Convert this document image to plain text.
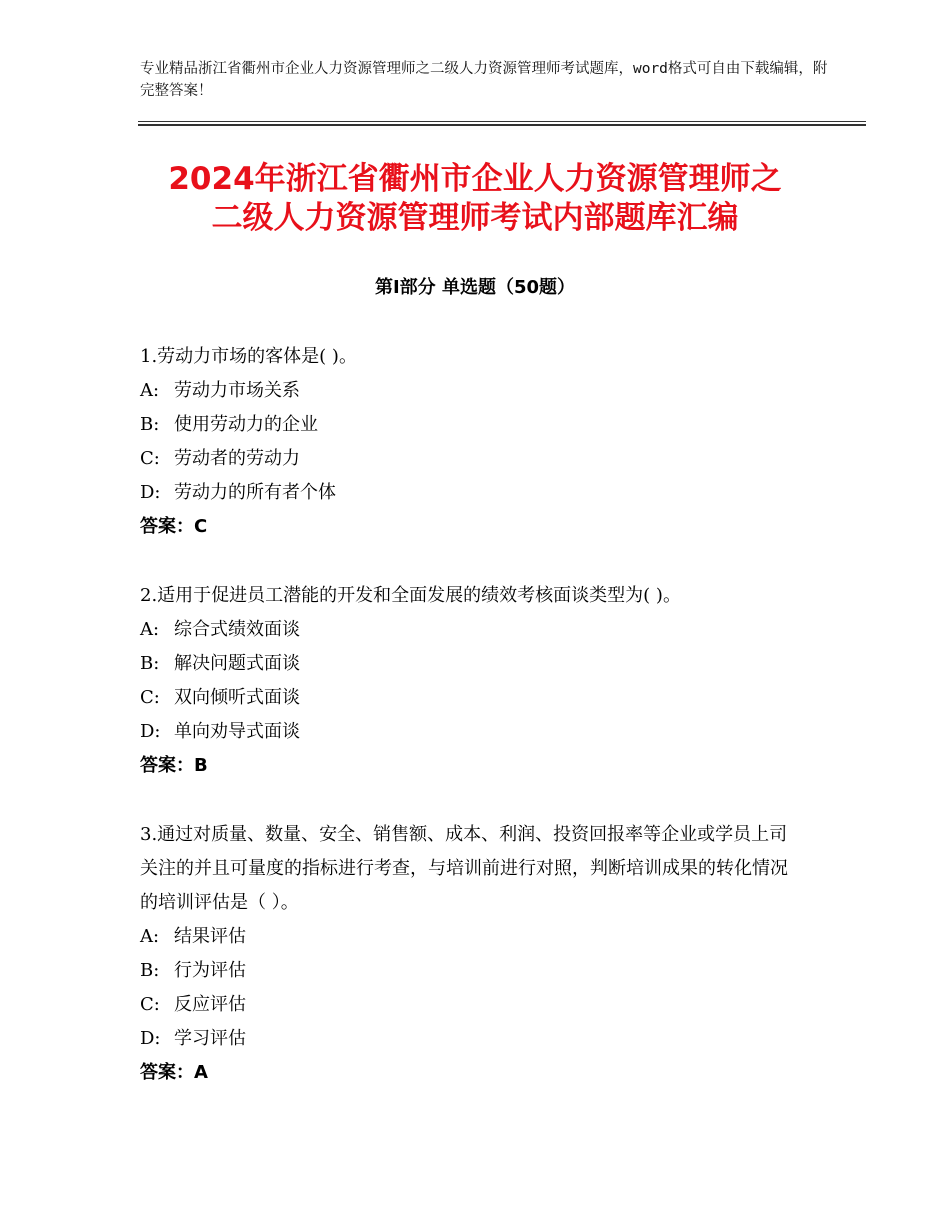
专业精品浙江省衢州市企业人力资源管理师之二级人力资源管理师考试题库，word格式可自由下载编辑，附完整答案！
2024年浙江省衢州市企业人力资源管理师之
二级人力资源管理师考试内部题库汇编
第Ⅰ部分 单选题（50题）

1.劳动力市场的客体是( )。

A: 劳动力市场关系

B: 使用劳动力的企业

C: 劳动者的劳动力

D: 劳动力的所有者个体

答案：C

2.适用于促进员工潜能的开发和全面发展的绩效考核面谈类型为( )。

A: 综合式绩效面谈

B: 解决问题式面谈

C: 双向倾听式面谈

D: 单向劝导式面谈

答案：B

3.通过对质量、数量、安全、销售额、成本、利润、投资回报率等企业或学员上司关注的并且可量度的指标进行考查，与培训前进行对照，判断培训成果的转化情况的培训评估是（ ）。

A: 结果评估

B: 行为评估

C: 反应评估

D: 学习评估

答案：A
